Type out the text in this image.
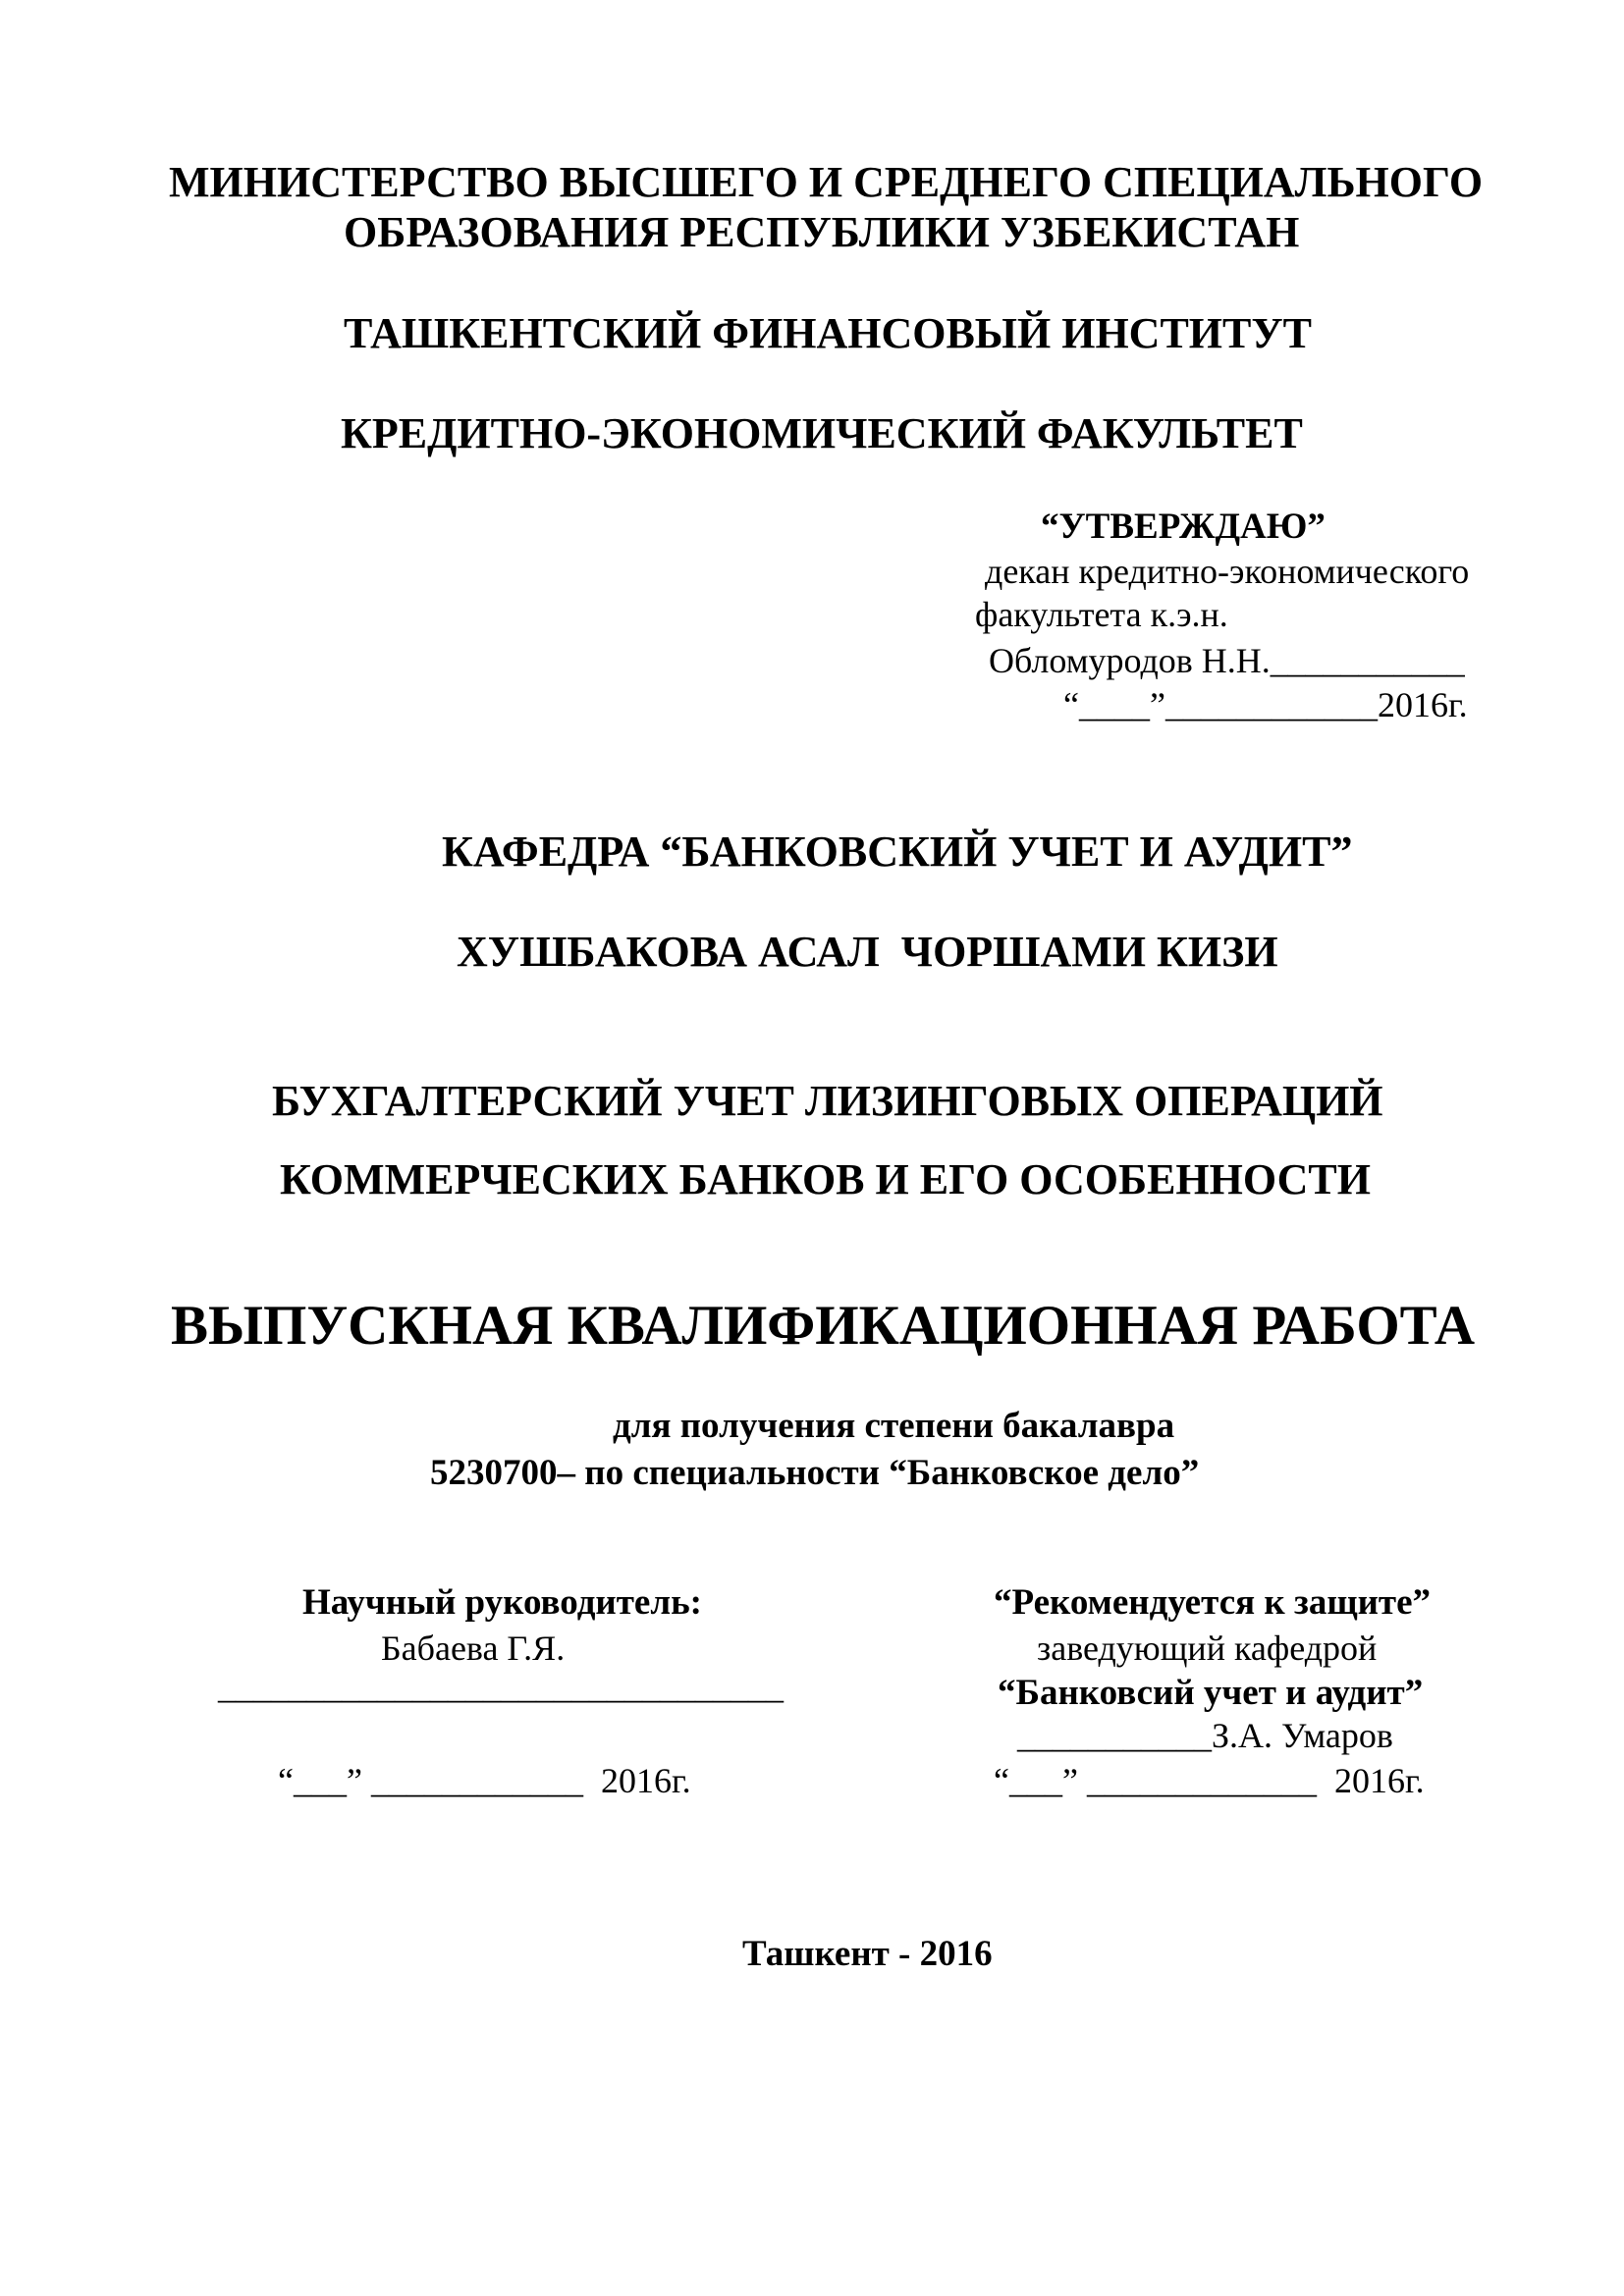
МИНИСТЕРСТВО ВЫСШЕГО И СРЕДНЕГО СПЕЦИАЛЬНОГО
ОБРАЗОВАНИЯ РЕСПУБЛИКИ УЗБЕКИСТАН
ТАШКЕНТСКИЙ ФИНАНСОВЫЙ ИНСТИТУТ
КРЕДИТНО-ЭКОНОМИЧЕСКИЙ ФАКУЛЬТЕТ
“УТВЕРЖДАЮ”
декан кредитно-экономического
факультета к.э.н.
Обломуродов Н.Н.___________
“____”____________2016г.
КАФЕДРА “БАНКОВСКИЙ УЧЕТ И АУДИТ”
ХУШБАКОВА АСАЛ  ЧОРШАМИ КИЗИ
БУХГАЛТЕРСКИЙ УЧЕТ ЛИЗИНГОВЫХ ОПЕРАЦИЙ
КОММЕРЧЕСКИХ БАНКОВ И ЕГО ОСОБЕННОСТИ
ВЫПУСКНАЯ КВАЛИФИКАЦИОННАЯ РАБОТА
для получения степени бакалавра
5230700– по специальности “Банковское дело”
Научный руководитель:
Бабаева Г.Я.
________________________________
“___” ____________  2016г.
“Рекомендуется к защите”
заведующий кафедрой
“Банковсий учет и аудит”
___________З.А. Умаров
“___” _____________  2016г.
Ташкент - 2016
